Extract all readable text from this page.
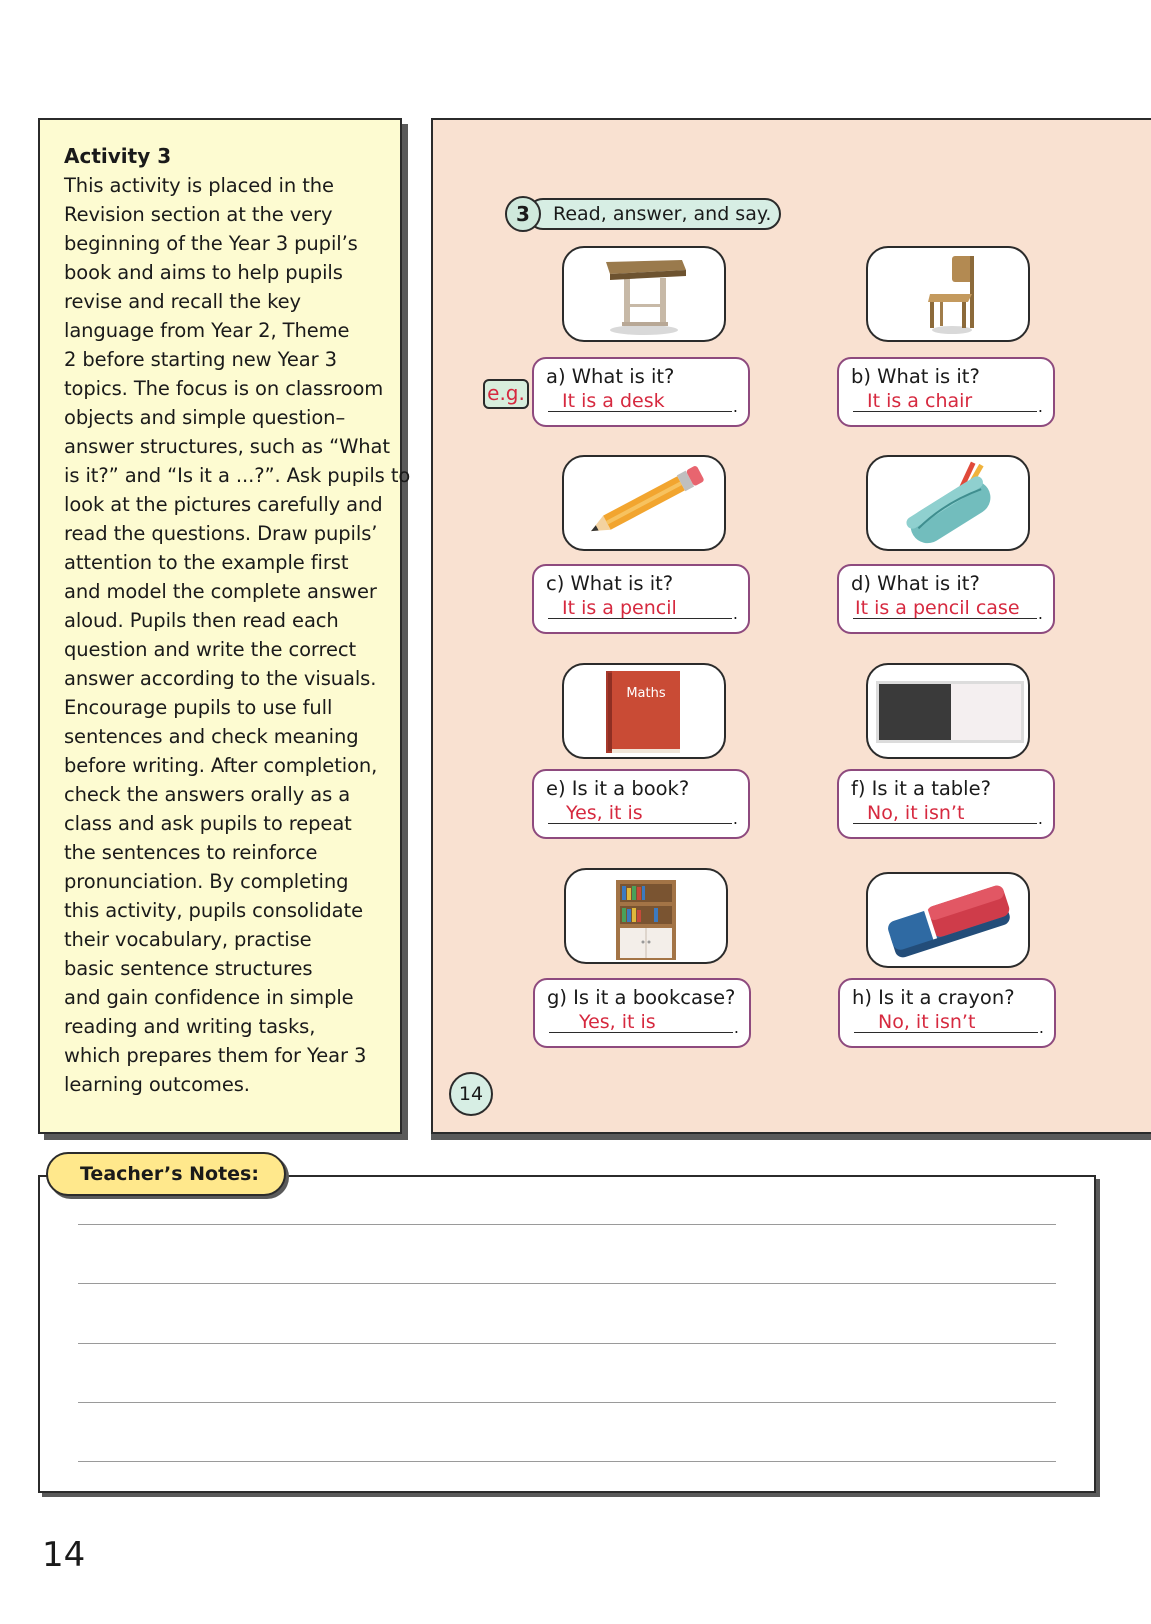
Activity 3
This activity is placed in the
Revision section at the very
beginning of the Year 3 pupil’s
book and aims to help pupils
revise and recall the key
language from Year 2, Theme
2 before starting new Year 3
topics. The focus is on classroom
objects and simple question–
answer structures, such as “What
is it?” and “Is it a ...?”. Ask pupils to
look at the pictures carefully and
read the questions. Draw pupils’
attention to the example first
and model the complete answer
aloud. Pupils then read each
question and write the correct
answer according to the visuals.
Encourage pupils to use full
sentences and check meaning
before writing. After completion,
check the answers orally as a
class and ask pupils to repeat
the sentences to reinforce
pronunciation. By completing
this activity, pupils consolidate
their vocabulary, practise
basic sentence structures
and gain confidence in simple
reading and writing tasks,
which prepares them for Year 3
learning outcomes.
3	Read, answer, and say.
e.g.
a) What is it?
It is a desk	.
b) What is it?
It is a chair	.
c) What is it?
It is a pencil	.
d) What is it?
It is a pencil case .
Maths
e) Is it a book?
Yes, it is	.
f) Is it a table?
No, it isn’t	.
g) Is it a bookcase?
Yes, it is	.
h) Is it a crayon?
No, it isn’t	.
14
Teacher’s Notes:
14
